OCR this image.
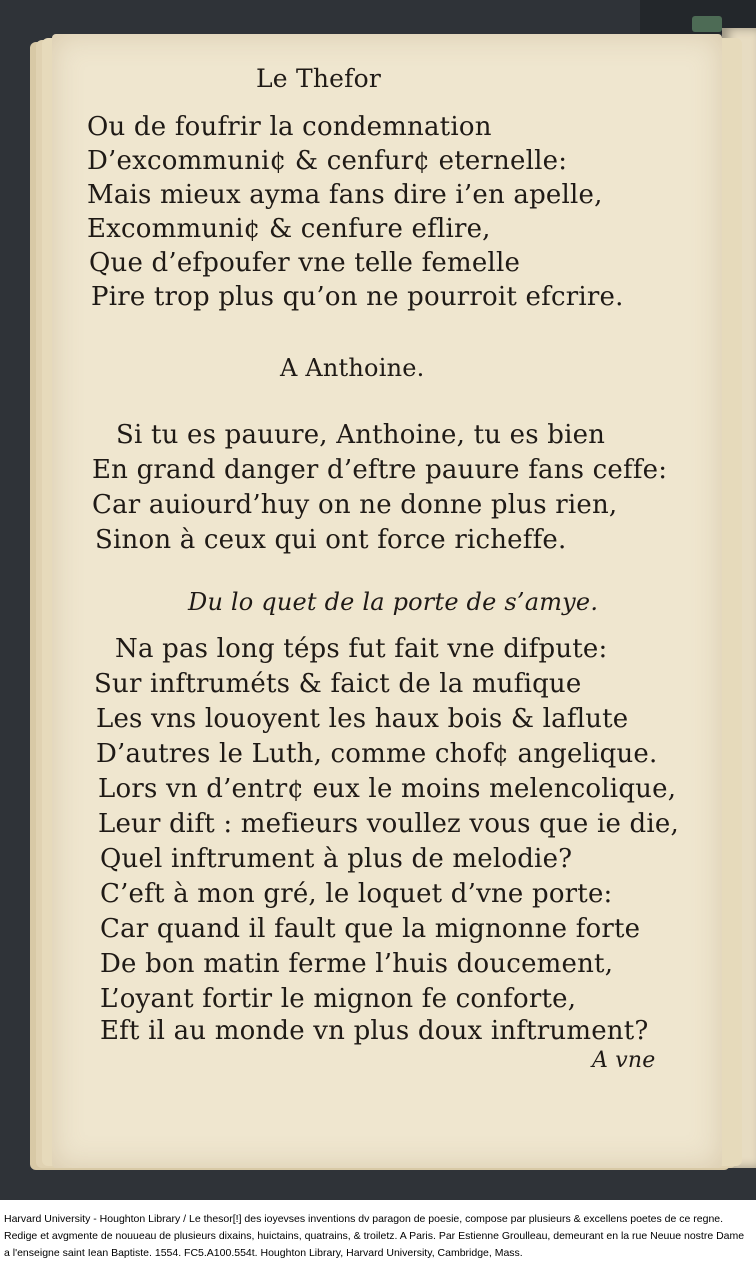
Le Thefor
Ou de foufrir la condemnation
D’excommuni¢ & cenfur¢ eternelle:
Mais mieux ayma fans dire i’en apelle,
Excommuni¢ & cenfure eflire,
Que d’efpoufer vne telle femelle
Pire trop plus qu’on ne pourroit efcrire.
A Anthoine.
Si tu es pauure, Anthoine, tu es bien
En grand danger d’eftre pauure fans ceffe:
Car auiourd’huy on ne donne plus rien,
Sinon à ceux qui ont force richeffe.
Du lo quet de la porte de s’amye.
Na pas long téps fut fait vne difpute:
Sur inftruméts & faict de la mufique
Les vns louoyent les haux bois & laflute
D’autres le Luth, comme chof¢ angelique.
Lors vn d’entr¢ eux le moins melencolique,
Leur dift : mefieurs voullez vous que ie die,
Quel inftrument à plus de melodie?
C’eft à mon gré, le loquet d’vne porte:
Car quand il fault que la mignonne forte
De bon matin ferme l’huis doucement,
L’oyant fortir le mignon fe conforte,
Eft il au monde vn plus doux inftrument?
A vne
Harvard University - Houghton Library / Le thesor[!] des ioyevses inventions dv paragon de poesie, compose par plusieurs & excellens poetes de ce regne. Redige et avgmente de nouueau de plusieurs dixains, huictains, quatrains, & troiletz. A Paris. Par Estienne Groulleau, demeurant en la rue Neuue nostre Dame a l'enseigne saint Iean Baptiste. 1554. FC5.A100.554t. Houghton Library, Harvard University, Cambridge, Mass.
